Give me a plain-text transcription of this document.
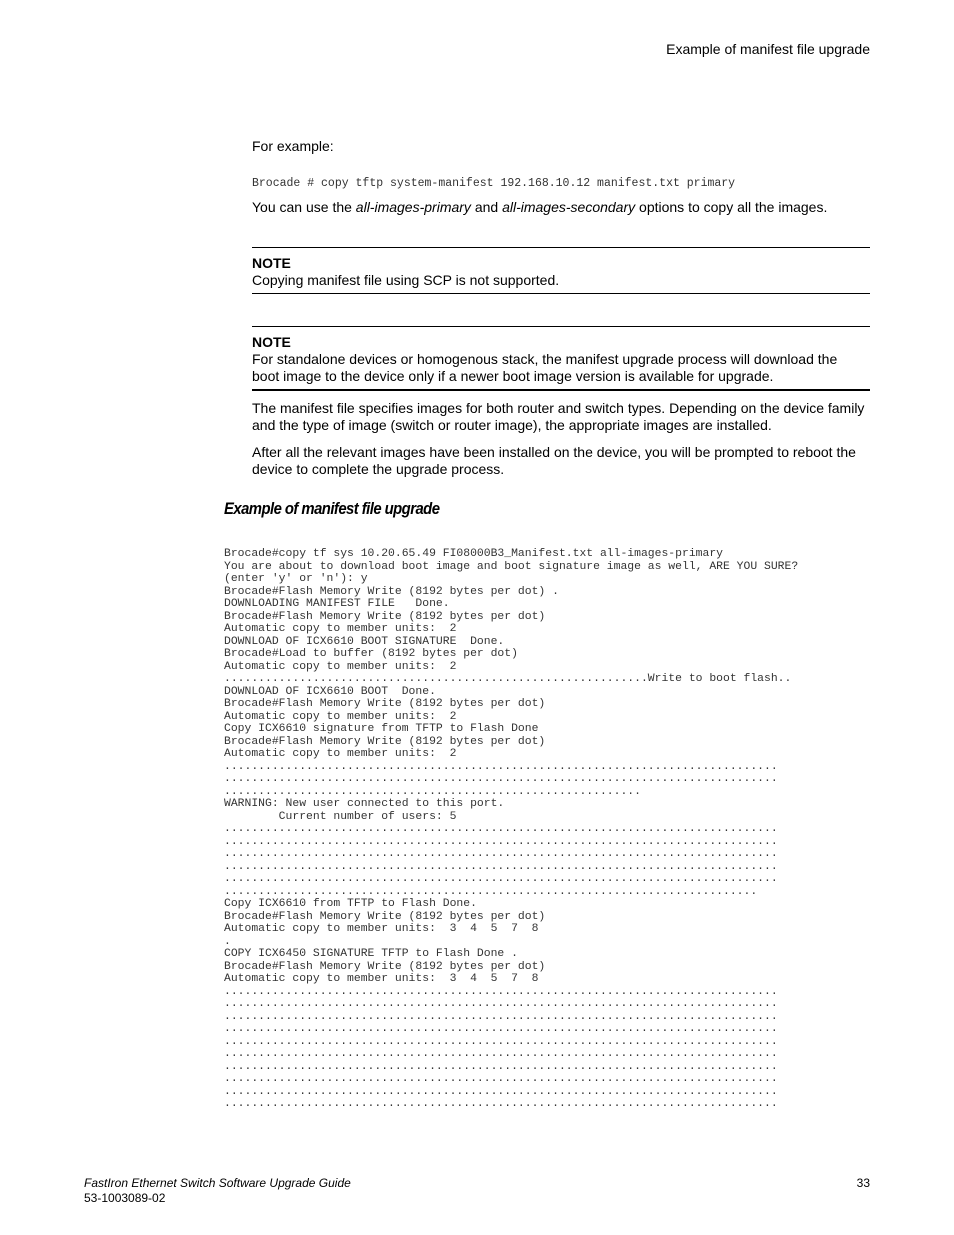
Example of manifest file upgrade

For example:

Brocade # copy tftp system-manifest 192.168.10.12 manifest.txt primary

You can use the all-images-primary and all-images-secondary options to copy all the images.

NOTE
Copying manifest file using SCP is not supported.
NOTE
For standalone devices or homogenous stack, the manifest upgrade process will download the
boot image to the device only if a newer boot image version is available for upgrade.
The manifest file specifies images for both router and switch types. Depending on the device family
and the type of image (switch or router image), the appropriate images are installed.
After all the relevant images have been installed on the device, you will be prompted to reboot the
device to complete the upgrade process.
Example of manifest file upgrade
Brocade#copy tf sys 10.20.65.49 FI08000B3_Manifest.txt all-images-primary
You are about to download boot image and boot signature image as well, ARE YOU SURE?
(enter 'y' or 'n'): y
Brocade#Flash Memory Write (8192 bytes per dot) .
DOWNLOADING MANIFEST FILE   Done.
Brocade#Flash Memory Write (8192 bytes per dot)
Automatic copy to member units:  2
DOWNLOAD OF ICX6610 BOOT SIGNATURE  Done.
Brocade#Load to buffer (8192 bytes per dot)
Automatic copy to member units:  2
..............................................................Write to boot flash..
DOWNLOAD OF ICX6610 BOOT  Done.
Brocade#Flash Memory Write (8192 bytes per dot)
Automatic copy to member units:  2
Copy ICX6610 signature from TFTP to Flash Done
Brocade#Flash Memory Write (8192 bytes per dot)
Automatic copy to member units:  2
.................................................................................
.................................................................................
.............................................................
WARNING: New user connected to this port.
Current number of users: 5
.................................................................................
.................................................................................
.................................................................................
.................................................................................
.................................................................................
..............................................................................
Copy ICX6610 from TFTP to Flash Done.
Brocade#Flash Memory Write (8192 bytes per dot)
Automatic copy to member units:  3  4  5  7  8
.
COPY ICX6450 SIGNATURE TFTP to Flash Done .
Brocade#Flash Memory Write (8192 bytes per dot)
Automatic copy to member units:  3  4  5  7  8
.................................................................................
.................................................................................
.................................................................................
.................................................................................
.................................................................................
.................................................................................
.................................................................................
.................................................................................
.................................................................................
.................................................................................
FastIron Ethernet Switch Software Upgrade Guide
53-1003089-02
33
